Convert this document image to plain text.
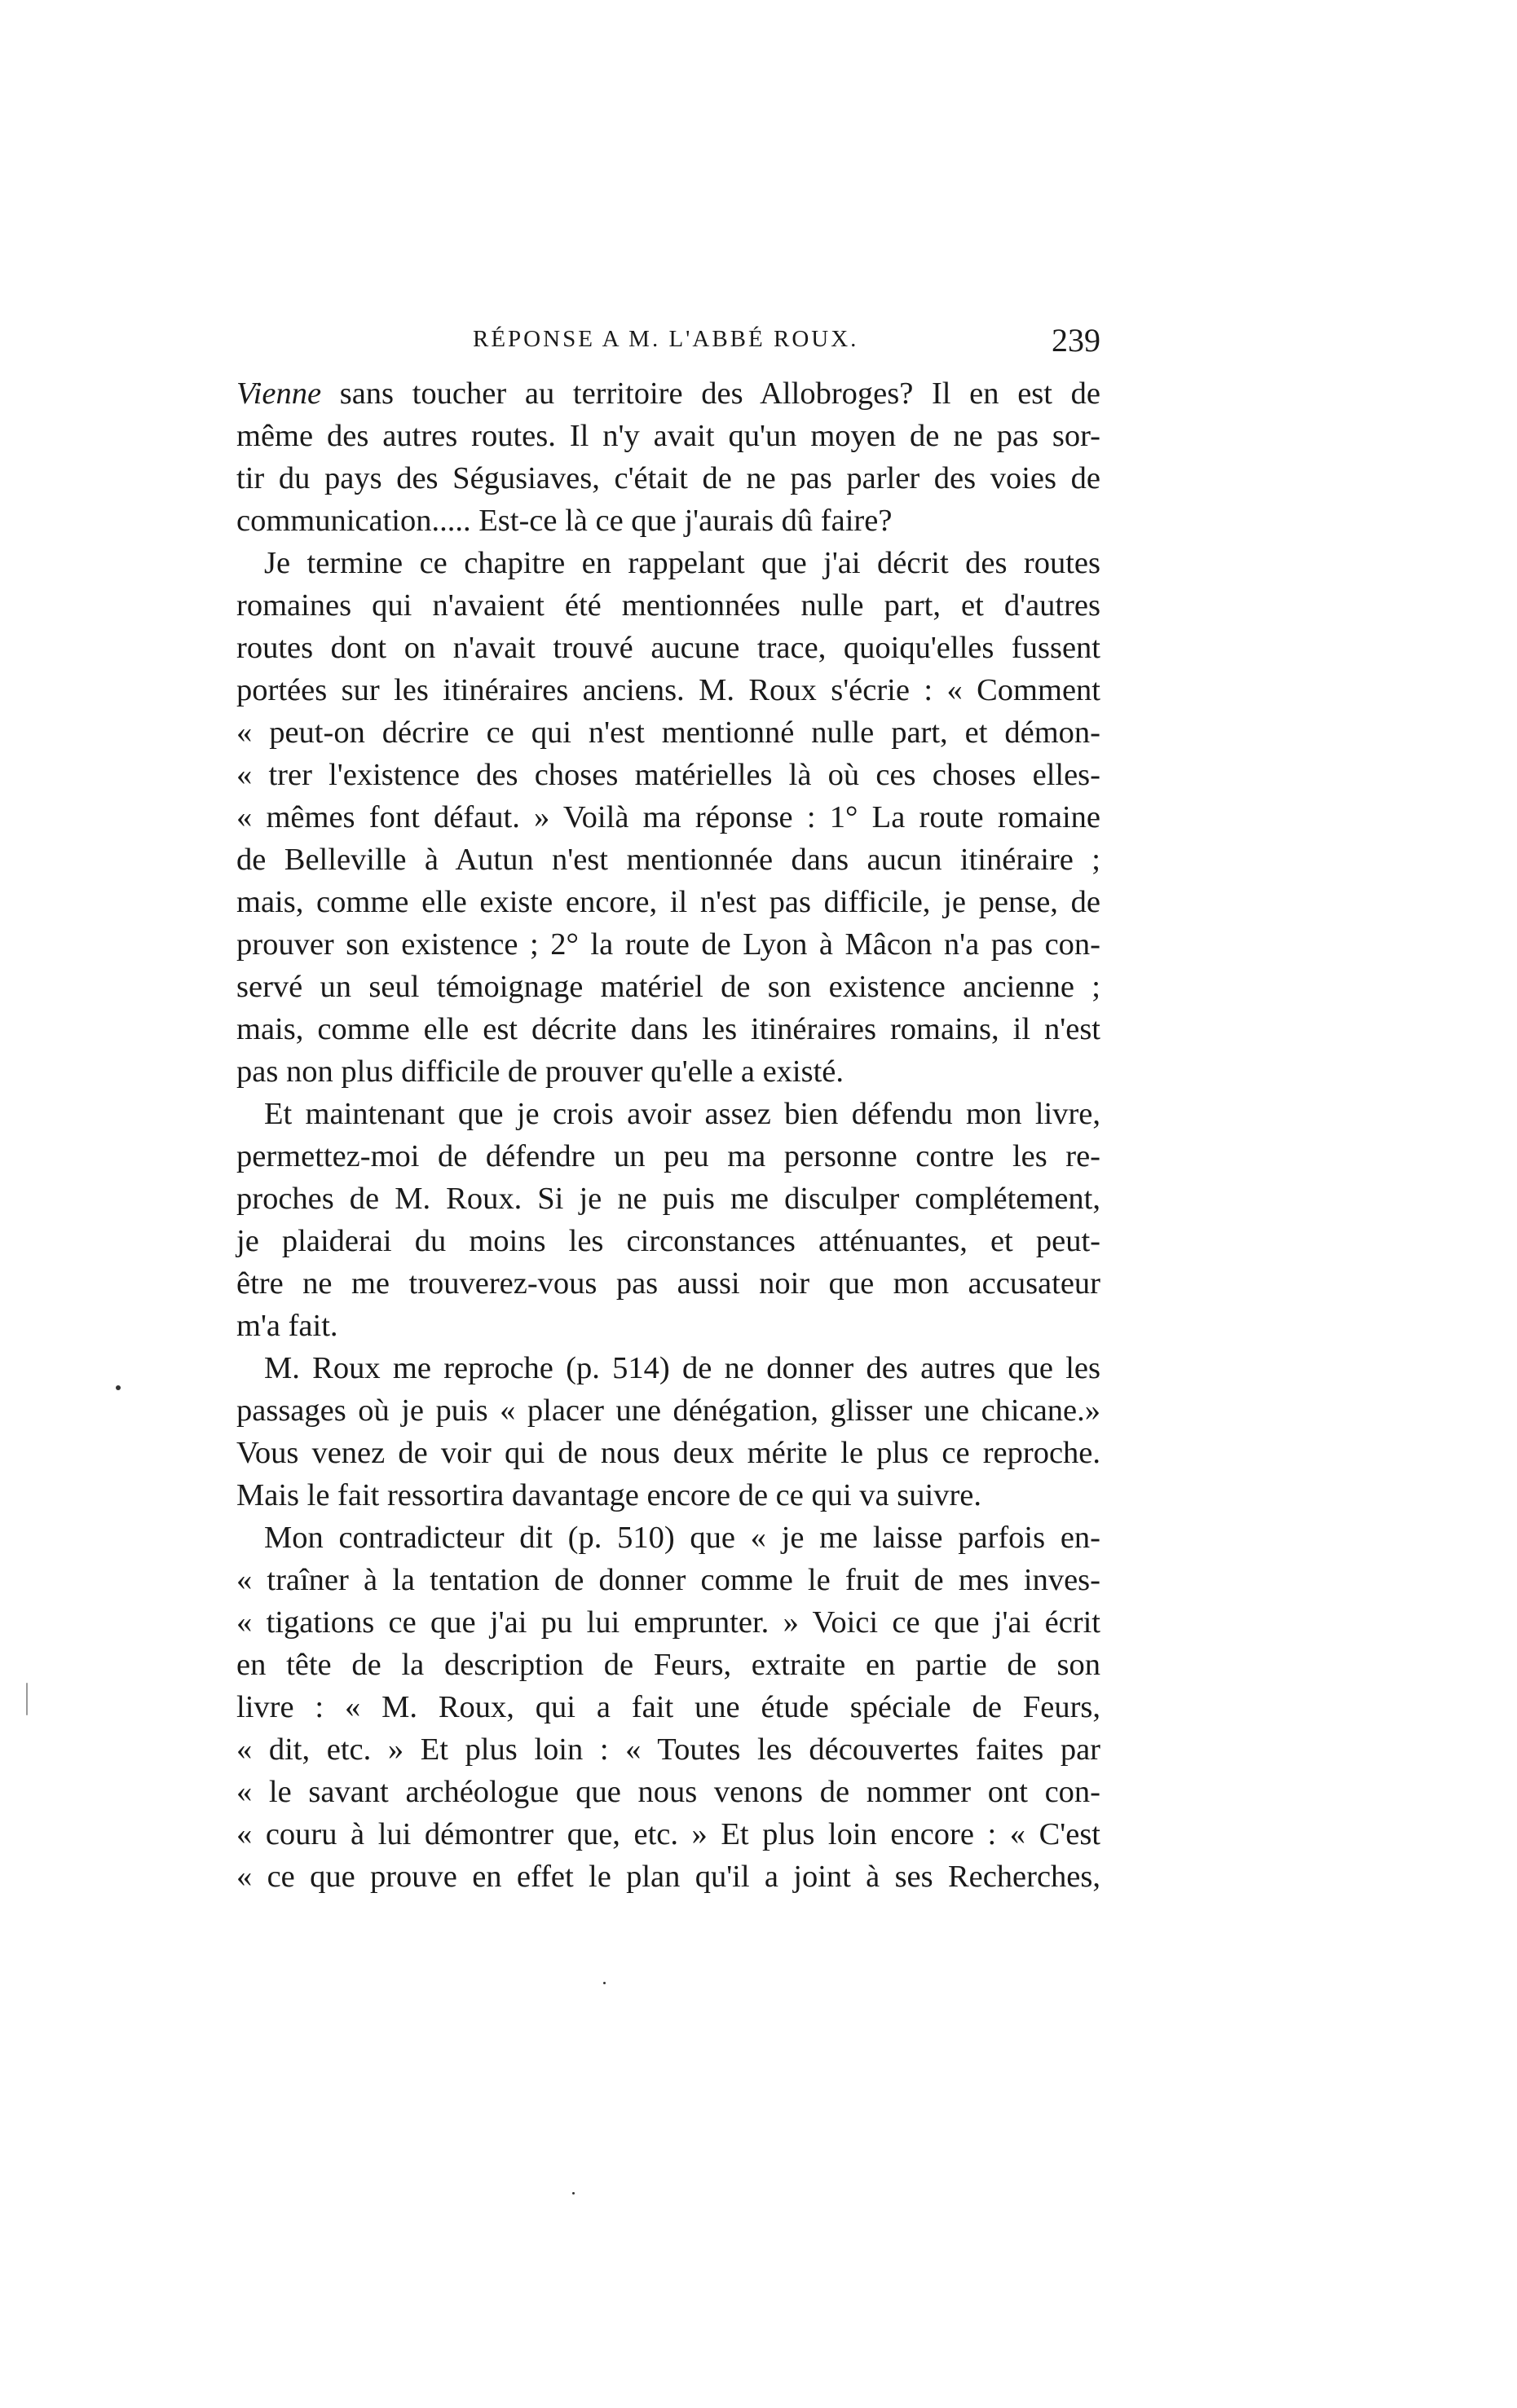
RÉPONSE A M. L'ABBÉ ROUX.	239

Vienne sans toucher au territoire des Allobroges? Il en est de
même des autres routes. Il n'y avait qu'un moyen de ne pas sor-
tir du pays des Ségusiaves, c'était de ne pas parler des voies de
communication..... Est-ce là ce que j'aurais dû faire?

Je termine ce chapitre en rappelant que j'ai décrit des routes
romaines qui n'avaient été mentionnées nulle part, et d'autres
routes dont on n'avait trouvé aucune trace, quoiqu'elles fussent
portées sur les itinéraires anciens. M. Roux s'écrie : « Comment
« peut-on décrire ce qui n'est mentionné nulle part, et démon-
« trer l'existence des choses matérielles là où ces choses elles-
« mêmes font défaut. » Voilà ma réponse : 1° La route romaine
de Belleville à Autun n'est mentionnée dans aucun itinéraire ;
mais, comme elle existe encore, il n'est pas difficile, je pense, de
prouver son existence ; 2° la route de Lyon à Mâcon n'a pas con-
servé un seul témoignage matériel de son existence ancienne ;
mais, comme elle est décrite dans les itinéraires romains, il n'est
pas non plus difficile de prouver qu'elle a existé.

Et maintenant que je crois avoir assez bien défendu mon livre,
permettez-moi de défendre un peu ma personne contre les re-
proches de M. Roux. Si je ne puis me disculper complétement,
je plaiderai du moins les circonstances atténuantes, et peut-
être ne me trouverez-vous pas aussi noir que mon accusateur
m'a fait.

M. Roux me reproche (p. 514) de ne donner des autres que les
passages où je puis « placer une dénégation, glisser une chicane.»
Vous venez de voir qui de nous deux mérite le plus ce reproche.
Mais le fait ressortira davantage encore de ce qui va suivre.

Mon contradicteur dit (p. 510) que « je me laisse parfois en-
« traîner à la tentation de donner comme le fruit de mes inves-
« tigations ce que j'ai pu lui emprunter. » Voici ce que j'ai écrit
en tête de la description de Feurs, extraite en partie de son
livre : « M. Roux, qui a fait une étude spéciale de Feurs,
« dit, etc. » Et plus loin : « Toutes les découvertes faites par
« le savant archéologue que nous venons de nommer ont con-
« couru à lui démontrer que, etc. » Et plus loin encore : « C'est
« ce que prouve en effet le plan qu'il a joint à ses Recherches,
